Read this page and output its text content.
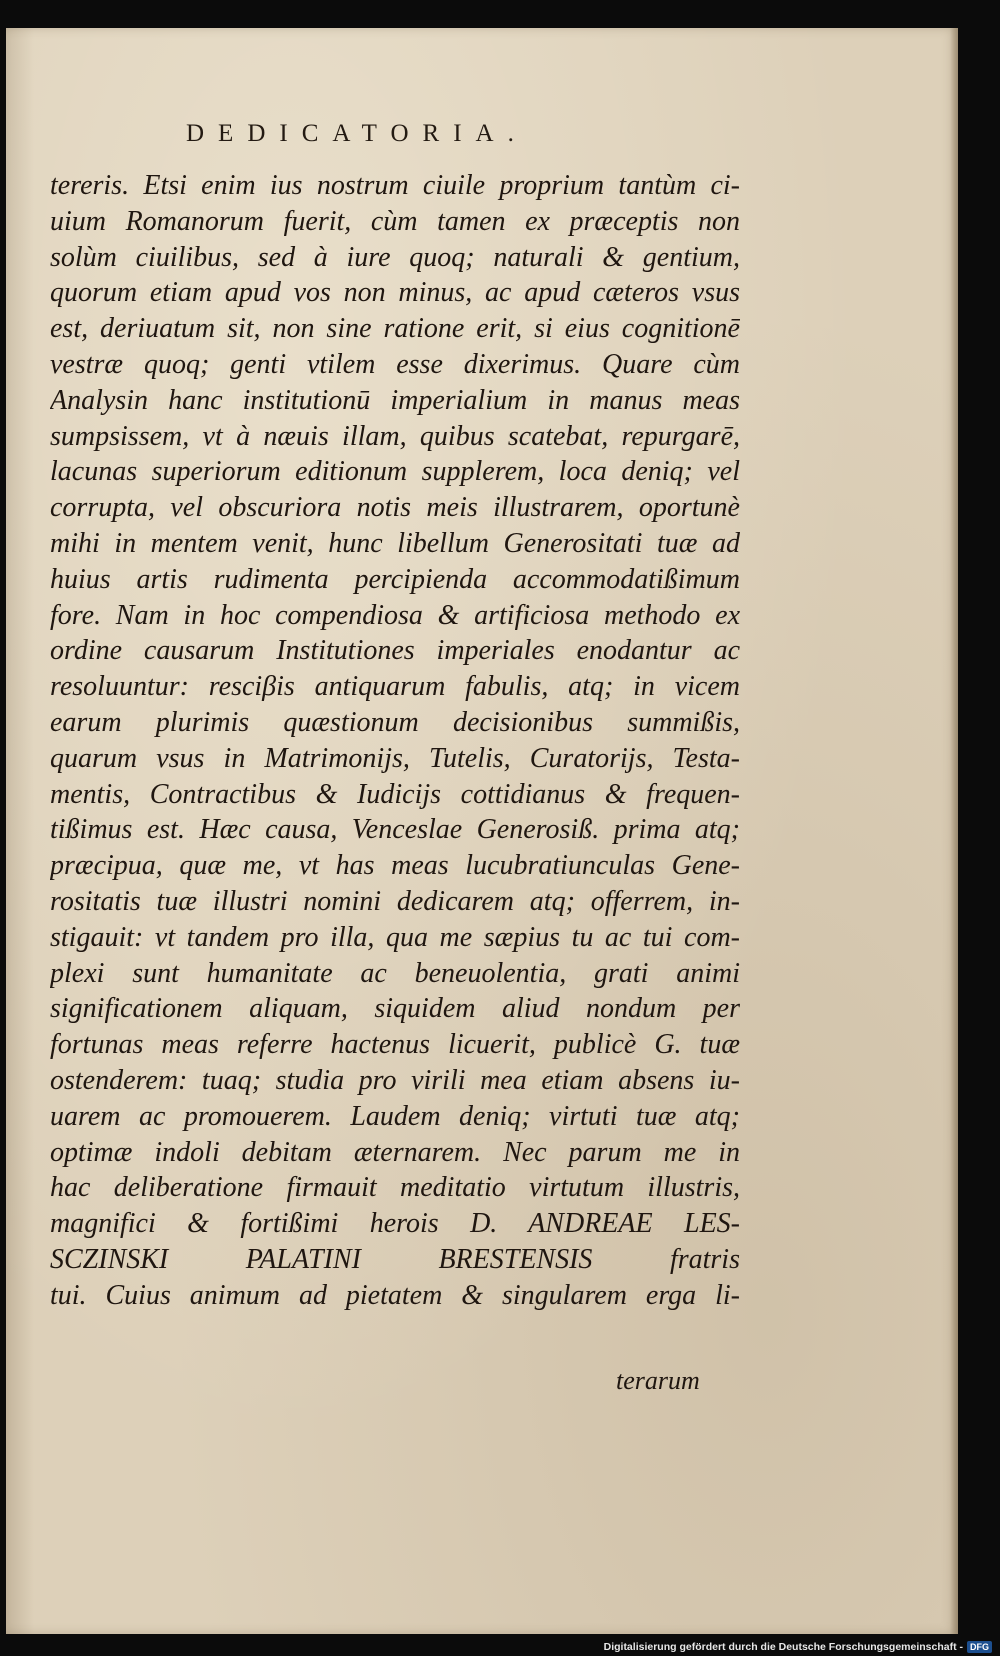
DEDICATORIA.
tereris. Etsi enim ius nostrum ciuile proprium tantùm ci-
uium Romanorum fuerit, cùm tamen ex præceptis non
solùm ciuilibus, sed à iure quoq; naturali & gentium,
quorum etiam apud vos non minus, ac apud cæteros vsus
est, deriuatum sit, non sine ratione erit, si eius cognitionē
vestræ quoq; genti vtilem esse dixerimus. Quare cùm
Analysin hanc institutionū imperialium in manus meas
sumpsissem, vt à næuis illam, quibus scatebat, repurgarē,
lacunas superiorum editionum supplerem, loca deniq; vel
corrupta, vel obscuriora notis meis illustrarem, oportunè
mihi in mentem venit, hunc libellum Generositati tuæ ad
huius artis rudimenta percipienda accommodatißimum
fore. Nam in hoc compendiosa & artificiosa methodo ex
ordine causarum Institutiones imperiales enodantur ac
resoluuntur: resciβis antiquarum fabulis, atq; in vicem
earum plurimis quæstionum decisionibus summißis,
quarum vsus in Matrimonijs, Tutelis, Curatorijs, Testa-
mentis, Contractibus & Iudicijs cottidianus & frequen-
tißimus est. Hæc causa, Venceslae Generosiß. prima atq;
præcipua, quæ me, vt has meas lucubratiunculas Gene-
rositatis tuæ illustri nomini dedicarem atq; offerrem, in-
stigauit: vt tandem pro illa, qua me sæpius tu ac tui com-
plexi sunt humanitate ac beneuolentia, grati animi
significationem aliquam, siquidem aliud nondum per
fortunas meas referre hactenus licuerit, publicè G. tuæ
ostenderem: tuaq; studia pro virili mea etiam absens iu-
uarem ac promouerem. Laudem deniq; virtuti tuæ atq;
optimæ indoli debitam æternarem. Nec parum me in
hac deliberatione firmauit meditatio virtutum illustris,
magnifici & fortißimi herois D. ANDREAE LES-
SCZINSKI PALATINI BRESTENSIS fratris
tui. Cuius animum ad pietatem & singularem erga li-
terarum
Digitalisierung gefördert durch die Deutsche Forschungsgemeinschaft - DFG
